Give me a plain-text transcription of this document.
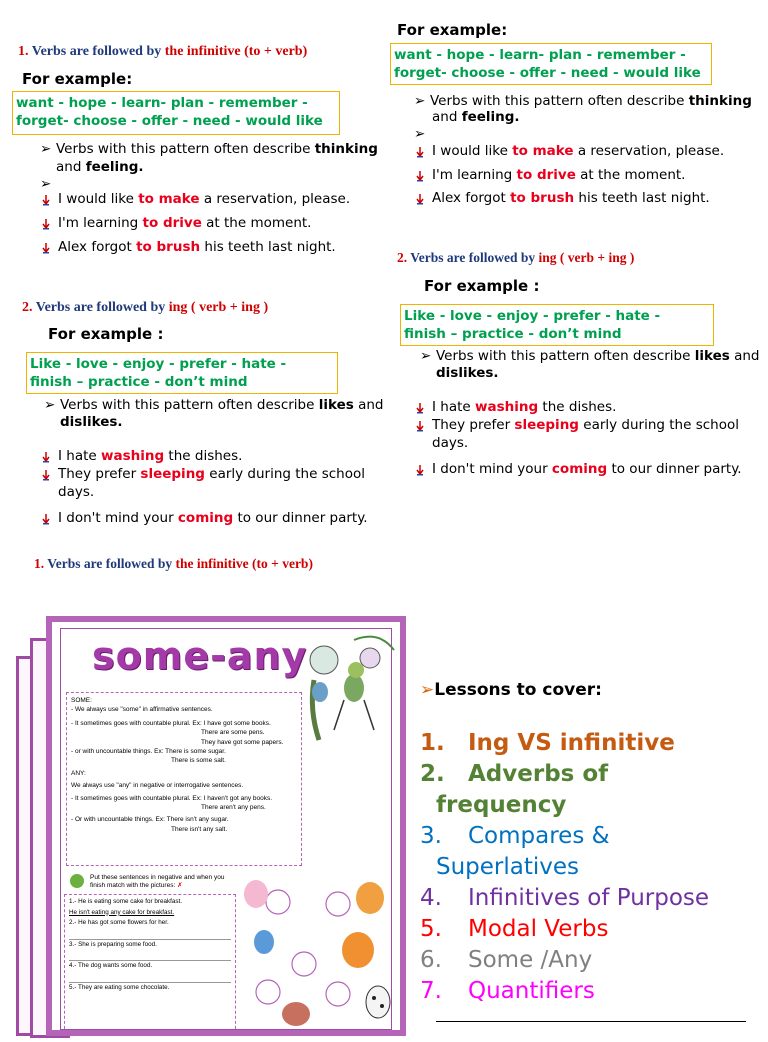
1. Verbs are followed by the infinitive (to + verb)
For example:
want - hope - learn- plan - remember -
forget- choose - offer - need - would like
➢ Verbs with this pattern often describe thinking
and feeling.
➢
I would like to make a reservation, please.
I'm learning to drive at the moment.
Alex forgot to brush his teeth last night.
2. Verbs are followed by ing ( verb + ing )
For example :
Like - love - enjoy - prefer - hate -
finish – practice - don’t mind
➢ Verbs with this pattern often describe likes and
dislikes.
I hate washing the dishes.
They prefer sleeping early during the school
days.
I don't mind your coming to our dinner party.
1. Verbs are followed by the infinitive (to + verb)
For example:
want - hope - learn- plan - remember -
forget- choose - offer - need - would like
➢ Verbs with this pattern often describe thinking
and feeling.
➢
I would like to make a reservation, please.
I'm learning to drive at the moment.
Alex forgot to brush his teeth last night.
2. Verbs are followed by ing ( verb + ing )
For example :
Like - love - enjoy - prefer - hate -
finish – practice - don’t mind
➢ Verbs with this pattern often describe likes and
dislikes.
I hate washing the dishes.
They prefer sleeping early during the school
days.
I don't mind your coming to our dinner party.
some-any
SOME:
- We always use "some" in affirmative sentences.
- It sometimes goes with countable plural. Ex: I have got some books.
There are some pens.
They have got some papers.
- or with uncountable things. Ex: There is some sugar.
There is some salt.
ANY:
We always use "any" in negative or interrogative sentences.
- It sometimes goes with countable plural. Ex: I haven't got any books.
There aren't any pens.
- Or with uncountable things. Ex: There isn't any sugar.
There isn't any salt.
Put these sentences in negative and when you
finish match with the pictures: ✗
1.- He is eating some cake for breakfast.
He isn't eating any cake for breakfast.
2.- He has got some flowers for her.
3.- She is preparing some food.
4.- The dog wants some food.
5.- They are eating some chocolate.
➢Lessons to cover:
1. Ing VS infinitive
2. Adverbs of
frequency
3. Compares &
Superlatives
4. Infinitives of Purpose
5. Modal Verbs
6. Some /Any
7. Quantifiers
